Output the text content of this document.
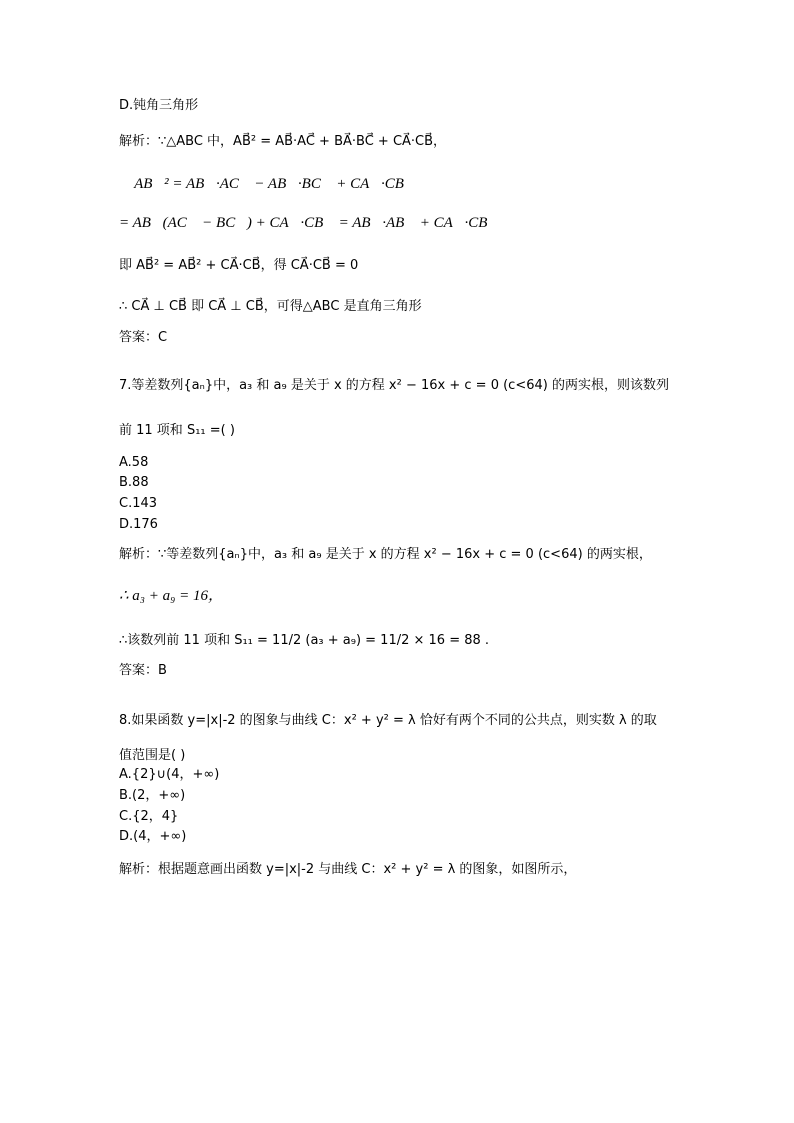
D.钝角三角形
解析：∵△ABC 中，AB⃗² = AB⃗·AC⃗ + BA⃗·BC⃗ + CA⃗·CB⃗，
∴ AB⃗² = AB⃗·AC⃗ − AB⃗·BC⃗ + CA⃗·CB⃗
= AB⃗(AC⃗ − BC⃗) + CA⃗·CB⃗ = AB⃗·AB⃗ + CA⃗·CB⃗
即 AB⃗² = AB⃗² + CA⃗·CB⃗，得 CA⃗·CB⃗ = 0
∴ CA⃗ ⊥ CB⃗ 即 CA⃗ ⊥ CB⃗，可得△ABC 是直角三角形
答案：C
7.等差数列{aₙ}中，a₃ 和 a₉ 是关于 x 的方程 x² − 16x + c = 0 (c<64) 的两实根，则该数列
前 11 项和 S₁₁ =( )
A.58
B.88
C.143
D.176
解析：∵等差数列{aₙ}中，a₃ 和 a₉ 是关于 x 的方程 x² − 16x + c = 0 (c<64) 的两实根，
∴ a₃ + a₉ = 16，
∴该数列前 11 项和 S₁₁ = 11/2 (a₃ + a₉) = 11/2 × 16 = 88 .
答案：B
8.如果函数 y=|x|-2 的图象与曲线 C：x² + y² = λ 恰好有两个不同的公共点，则实数 λ 的取
值范围是( )
A.{2}∪(4，+∞)
B.(2，+∞)
C.{2，4}
D.(4，+∞)
解析：根据题意画出函数 y=|x|-2 与曲线 C：x² + y² = λ 的图象，如图所示，
